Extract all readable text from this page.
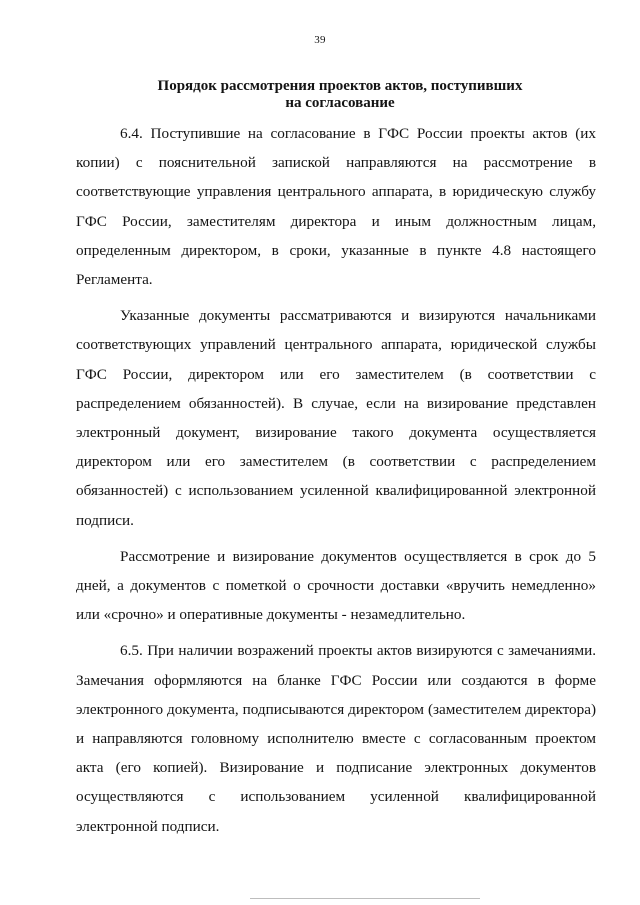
39
Порядок рассмотрения проектов актов, поступивших
на согласование

6.4. Поступившие на согласование в ГФС России проекты актов (их копии) с пояснительной запиской направляются на рассмотрение в соответствующие управления центрального аппарата, в юридическую службу ГФС России, заместителям директора и иным должностным лицам, определенным директором, в сроки, указанные в пункте 4.8 настоящего Регламента.

Указанные документы рассматриваются и визируются начальниками соответствующих управлений центрального аппарата, юридической службы ГФС России, директором или его заместителем (в соответствии с распределением обязанностей). В случае, если на визирование представлен электронный документ, визирование такого документа осуществляется директором или его заместителем (в соответствии с распределением обязанностей) с использованием усиленной квалифицированной электронной подписи.

Рассмотрение и визирование документов осуществляется в срок до 5 дней, а документов с пометкой о срочности доставки «вручить немедленно» или «срочно» и оперативные документы - незамедлительно.

6.5. При наличии возражений проекты актов визируются с замечаниями. Замечания оформляются на бланке ГФС России или создаются в форме электронного документа, подписываются директором (заместителем директора) и направляются головному исполнителю вместе с согласованным проектом акта (его копией). Визирование и подписание электронных документов осуществляются с использованием усиленной квалифицированной электронной подписи.
